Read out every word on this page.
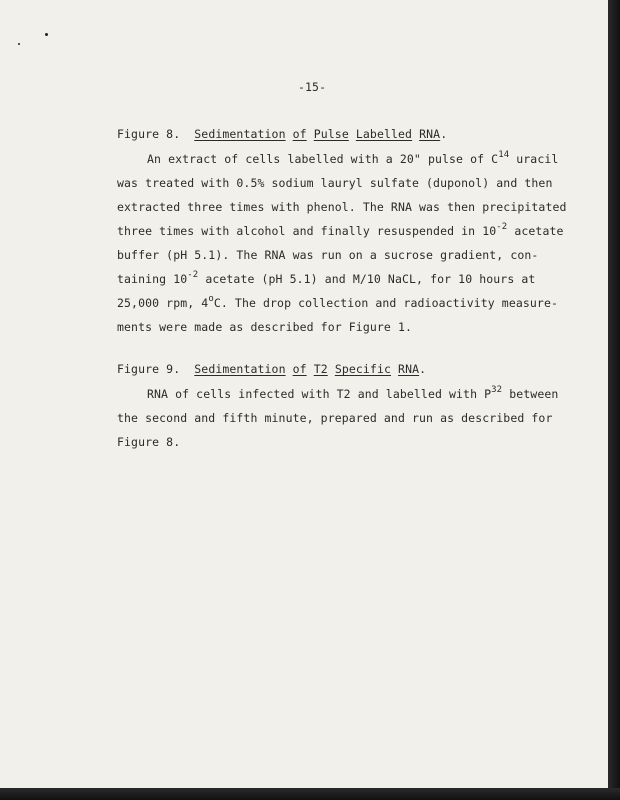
-15-
Figure 8. Sedimentation of Pulse Labelled RNA.
An extract of cells labelled with a 20" pulse of $C^{14}$ uracil
was treated with 0.5% sodium lauryl sulfate (duponol) and then
extracted three times with phenol. The RNA was then precipitated
three times with alcohol and finally resuspended in $10^{-2}$ acetate
buffer (pH 5.1). The RNA was run on a sucrose gradient, con-
taining $10^{-2}$ acetate (pH 5.1) and M/10 NaCL, for 10 hours at
25,000 rpm, 4$^o$C. The drop collection and radioactivity measure-
ments were made as described for Figure 1.
Figure 9. Sedimentation of T2 Specific RNA.
RNA of cells infected with T2 and labelled with $P^{32}$ between
the second and fifth minute, prepared and run as described for
Figure 8.
